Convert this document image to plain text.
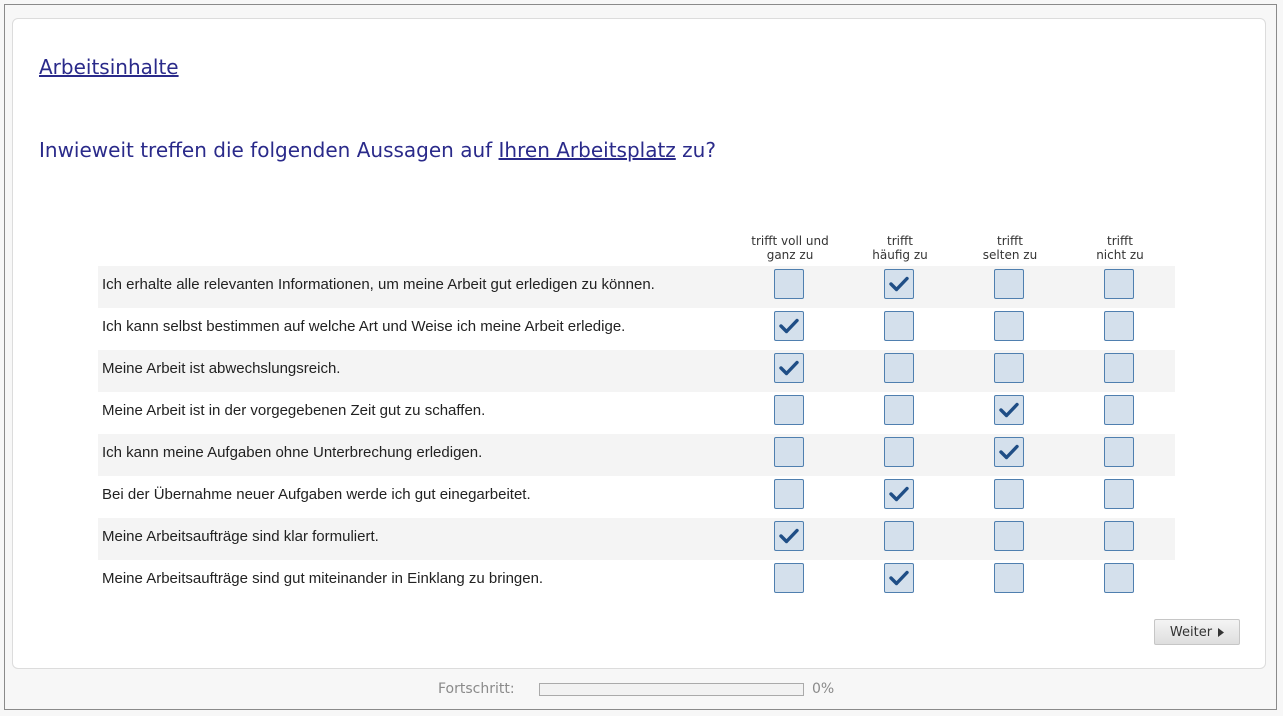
Arbeitsinhalte
Inwieweit treffen die folgenden Aussagen auf Ihren Arbeitsplatz zu?
trifft voll und
ganz zu
trifft
häufig zu
trifft
selten zu
trifft
nicht zu
Ich erhalte alle relevanten Informationen, um meine Arbeit gut erledigen zu können.
Ich kann selbst bestimmen auf welche Art und Weise ich meine Arbeit erledige.
Meine Arbeit ist abwechslungsreich.
Meine Arbeit ist in der vorgegebenen Zeit gut zu schaffen.
Ich kann meine Aufgaben ohne Unterbrechung erledigen.
Bei der Übernahme neuer Aufgaben werde ich gut einegarbeitet.
Meine Arbeitsaufträge sind klar formuliert.
Meine Arbeitsaufträge sind gut miteinander in Einklang zu bringen.
Weiter
Fortschritt:	0%
